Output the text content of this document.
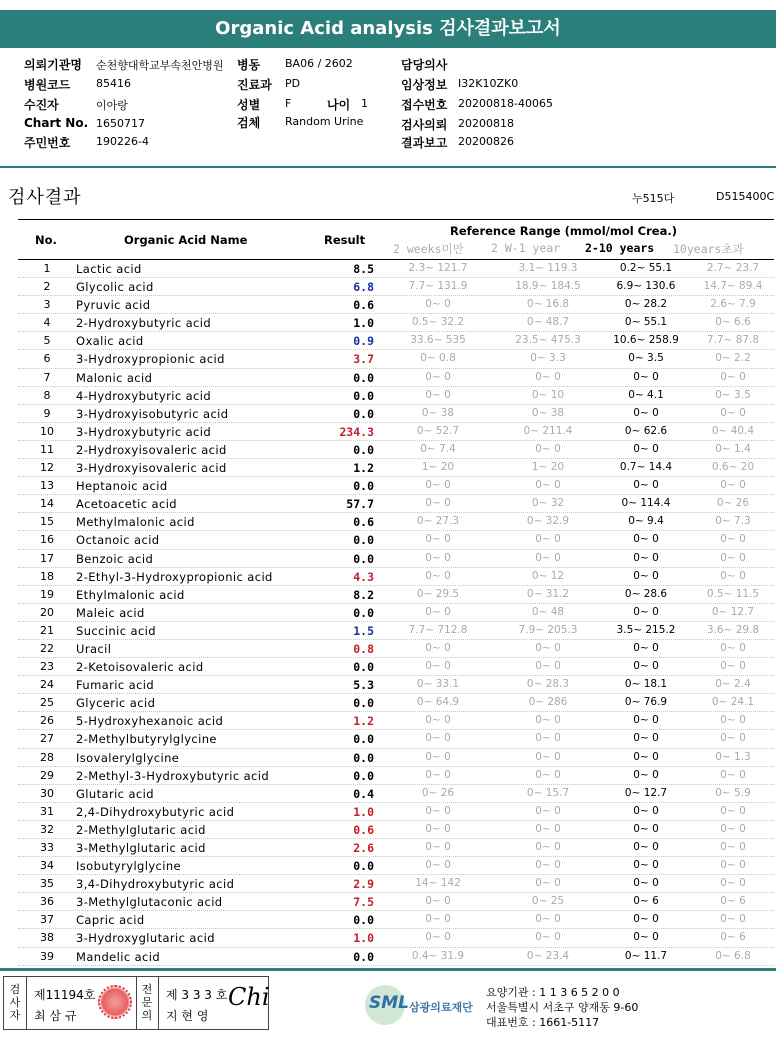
Organic Acid analysis 검사결과보고서
의뢰기관명 순천향대학교부속천안병원 병동 BA06 / 2602	담당의사
병원코드 85416	진료과 PD	임상정보 I32K10ZK0
수진자	이아랑	성별 F	나이 1	접수번호 20200818-40065
Chart No. 1650717	검체 Random Urine	검사의뢰 20200818
주민번호 190226-4	결과보고 20200826
검사결과	누515다	D515400C
No.	Organic Acid Name	Result
Reference Range (mmol/mol Crea.)
2 weeks미만 2 W-1 year 2-10 years 10years초과
1	Lactic acid	8.5	2.3~ 121.7	3.1~ 119.3	0.2~ 55.1	2.7~ 23.7
2	Glycolic acid	6.8	7.7~ 131.9	18.9~ 184.5	6.9~ 130.6	14.7~ 89.4
3	Pyruvic acid	0.6	0~ 0	0~ 16.8	0~ 28.2	2.6~ 7.9
4	2-Hydroxybutyric acid	1.0	0.5~ 32.2	0~ 48.7	0~ 55.1	0~ 6.6
5	Oxalic acid	0.9	33.6~ 535	23.5~ 475.3	10.6~ 258.9	7.7~ 87.8
6	3-Hydroxypropionic acid	3.7	0~ 0.8	0~ 3.3	0~ 3.5	0~ 2.2
7	Malonic acid	0.0	0~ 0	0~ 0	0~ 0	0~ 0
8	4-Hydroxybutyric acid	0.0	0~ 0	0~ 10	0~ 4.1	0~ 3.5
9	3-Hydroxyisobutyric acid	0.0	0~ 38	0~ 38	0~ 0	0~ 0
10	3-Hydroxybutyric acid	234.3	0~ 52.7	0~ 211.4	0~ 62.6	0~ 40.4
11	2-Hydroxyisovaleric acid	0.0	0~ 7.4	0~ 0	0~ 0	0~ 1.4
12	3-Hydroxyisovaleric acid	1.2	1~ 20	1~ 20	0.7~ 14.4	0.6~ 20
13	Heptanoic acid	0.0	0~ 0	0~ 0	0~ 0	0~ 0
14	Acetoacetic acid	57.7	0~ 0	0~ 32	0~ 114.4	0~ 26
15	Methylmalonic acid	0.6	0~ 27.3	0~ 32.9	0~ 9.4	0~ 7.3
16	Octanoic acid	0.0	0~ 0	0~ 0	0~ 0	0~ 0
17	Benzoic acid	0.0	0~ 0	0~ 0	0~ 0	0~ 0
18	2-Ethyl-3-Hydroxypropionic acid	4.3	0~ 0	0~ 12	0~ 0	0~ 0
19	Ethylmalonic acid	8.2	0~ 29.5	0~ 31.2	0~ 28.6	0.5~ 11.5
20	Maleic acid	0.0	0~ 0	0~ 48	0~ 0	0~ 12.7
21	Succinic acid	1.5	7.7~ 712.8	7.9~ 205.3	3.5~ 215.2	3.6~ 29.8
22	Uracil	0.8	0~ 0	0~ 0	0~ 0	0~ 0
23	2-Ketoisovaleric acid	0.0	0~ 0	0~ 0	0~ 0	0~ 0
24	Fumaric acid	5.3	0~ 33.1	0~ 28.3	0~ 18.1	0~ 2.4
25	Glyceric acid	0.0	0~ 64.9	0~ 286	0~ 76.9	0~ 24.1
26	5-Hydroxyhexanoic acid	1.2	0~ 0	0~ 0	0~ 0	0~ 0
27	2-Methylbutyrylglycine	0.0	0~ 0	0~ 0	0~ 0	0~ 0
28	Isovalerylglycine	0.0	0~ 0	0~ 0	0~ 0	0~ 1.3
29	2-Methyl-3-Hydroxybutyric acid	0.0	0~ 0	0~ 0	0~ 0	0~ 0
30	Glutaric acid	0.4	0~ 26	0~ 15.7	0~ 12.7	0~ 5.9
31	2,4-Dihydroxybutyric acid	1.0	0~ 0	0~ 0	0~ 0	0~ 0
32	2-Methylglutaric acid	0.6	0~ 0	0~ 0	0~ 0	0~ 0
33	3-Methylglutaric acid	2.6	0~ 0	0~ 0	0~ 0	0~ 0
34	Isobutyrylglycine	0.0	0~ 0	0~ 0	0~ 0	0~ 0
35	3,4-Dihydroxybutyric acid	2.9	14~ 142	0~ 0	0~ 0	0~ 0
36	3-Methylglutaconic acid	7.5	0~ 0	0~ 25	0~ 6	0~ 6
37	Capric acid	0.0	0~ 0	0~ 0	0~ 0	0~ 0
38	3-Hydroxyglutaric acid	1.0	0~ 0	0~ 0	0~ 0	0~ 6
39	Mandelic acid	0.0	0.4~ 31.9	0~ 23.4	0~ 11.7	0~ 6.8
검사자
제11194호
최 삼 규
전문의
제 3 3 3 호
지 현 영
Chi	SML 삼광의료재단
요양기관 : 1 1 3 6 5 2 0 0
서울특별시 서초구 양재동 9-60
대표번호 : 1661-5117
